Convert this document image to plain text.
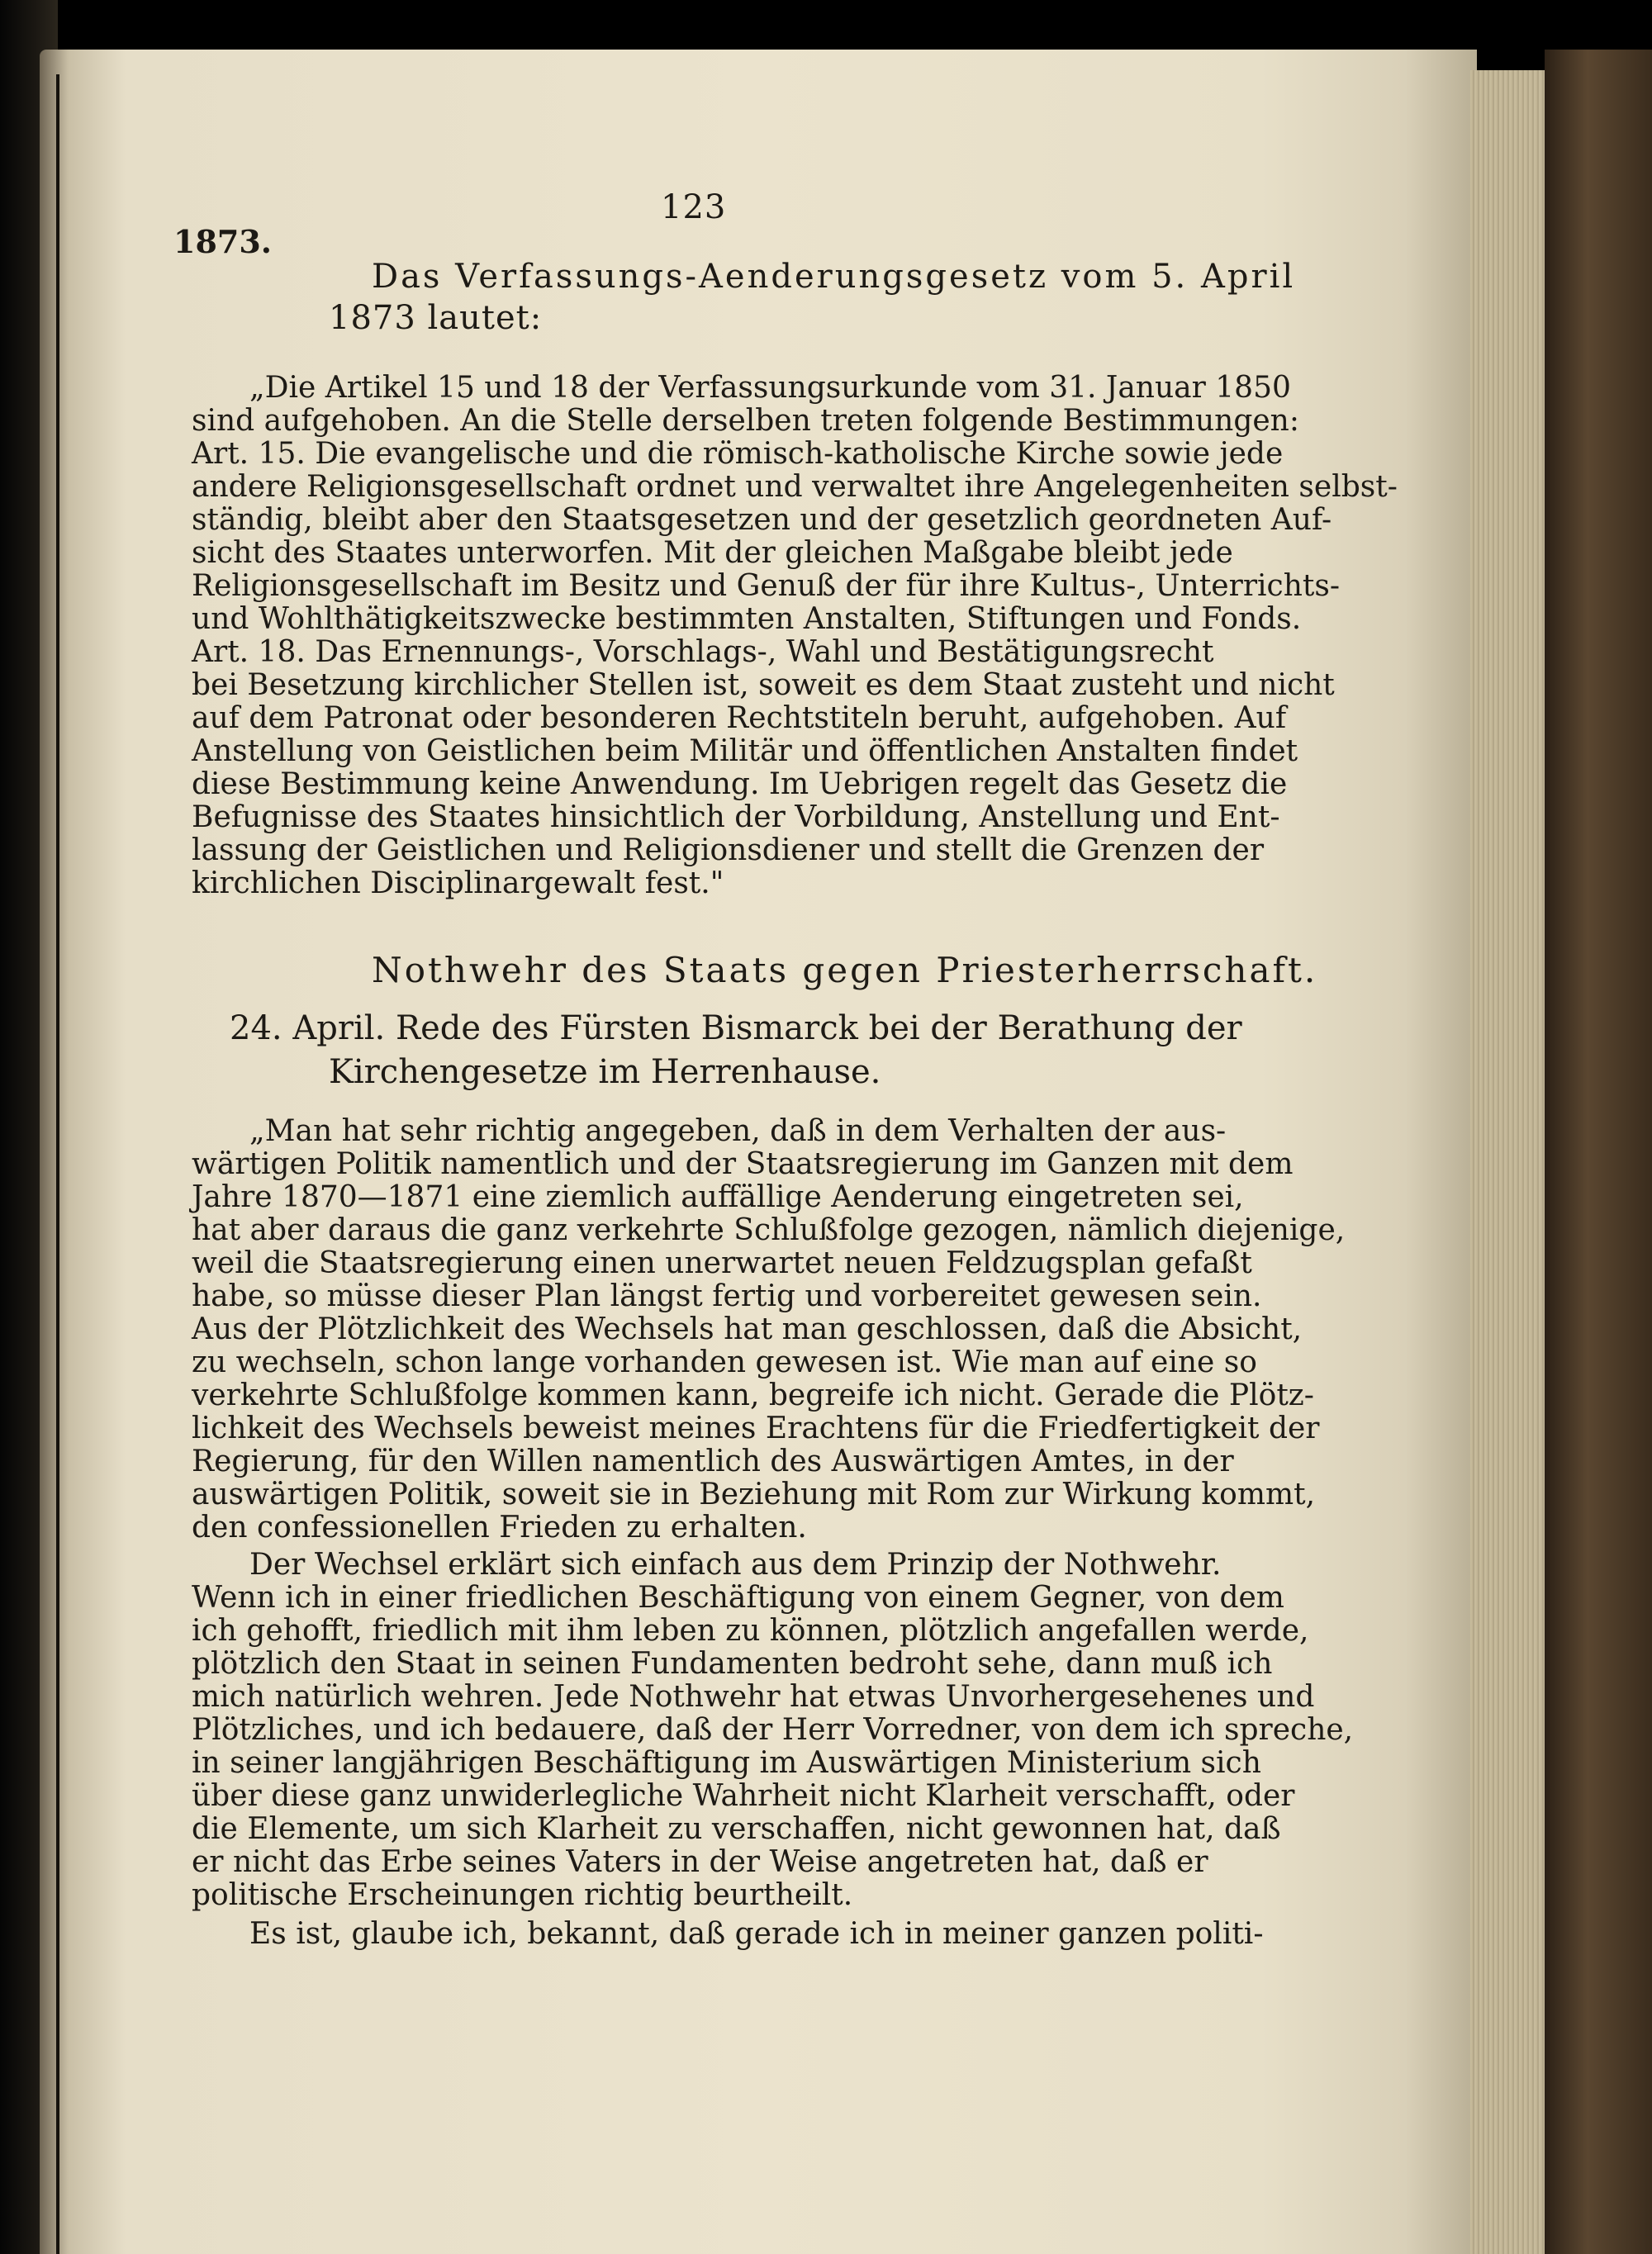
123
1873.
Das Verfassungs-Aenderungsgesetz vom 5. April
1873 lautet:
„Die Artikel 15 und 18 der Verfassungsurkunde vom 31. Januar 1850
sind aufgehoben. An die Stelle derselben treten folgende Bestimmungen:
Art. 15. Die evangelische und die römisch-katholische Kirche sowie jede
andere Religionsgesellschaft ordnet und verwaltet ihre Angelegenheiten selbst-
ständig, bleibt aber den Staatsgesetzen und der gesetzlich geordneten Auf-
sicht des Staates unterworfen. Mit der gleichen Maßgabe bleibt jede
Religionsgesellschaft im Besitz und Genuß der für ihre Kultus-, Unterrichts-
und Wohlthätigkeitszwecke bestimmten Anstalten, Stiftungen und Fonds.
Art. 18. Das Ernennungs-, Vorschlags-, Wahl und Bestätigungsrecht
bei Besetzung kirchlicher Stellen ist, soweit es dem Staat zusteht und nicht
auf dem Patronat oder besonderen Rechtstiteln beruht, aufgehoben. Auf
Anstellung von Geistlichen beim Militär und öffentlichen Anstalten findet
diese Bestimmung keine Anwendung. Im Uebrigen regelt das Gesetz die
Befugnisse des Staates hinsichtlich der Vorbildung, Anstellung und Ent-
lassung der Geistlichen und Religionsdiener und stellt die Grenzen der
kirchlichen Disciplinargewalt fest."
Nothwehr des Staats gegen Priesterherrschaft.
24. April. Rede des Fürsten Bismarck bei der Berathung der
Kirchengesetze im Herrenhause.
„Man hat sehr richtig angegeben, daß in dem Verhalten der aus-
wärtigen Politik namentlich und der Staatsregierung im Ganzen mit dem
Jahre 1870—1871 eine ziemlich auffällige Aenderung eingetreten sei,
hat aber daraus die ganz verkehrte Schlußfolge gezogen, nämlich diejenige,
weil die Staatsregierung einen unerwartet neuen Feldzugsplan gefaßt
habe, so müsse dieser Plan längst fertig und vorbereitet gewesen sein.
Aus der Plötzlichkeit des Wechsels hat man geschlossen, daß die Absicht,
zu wechseln, schon lange vorhanden gewesen ist. Wie man auf eine so
verkehrte Schlußfolge kommen kann, begreife ich nicht. Gerade die Plötz-
lichkeit des Wechsels beweist meines Erachtens für die Friedfertigkeit der
Regierung, für den Willen namentlich des Auswärtigen Amtes, in der
auswärtigen Politik, soweit sie in Beziehung mit Rom zur Wirkung kommt,
den confessionellen Frieden zu erhalten.
Der Wechsel erklärt sich einfach aus dem Prinzip der Nothwehr.
Wenn ich in einer friedlichen Beschäftigung von einem Gegner, von dem
ich gehofft, friedlich mit ihm leben zu können, plötzlich angefallen werde,
plötzlich den Staat in seinen Fundamenten bedroht sehe, dann muß ich
mich natürlich wehren. Jede Nothwehr hat etwas Unvorhergesehenes und
Plötzliches, und ich bedauere, daß der Herr Vorredner, von dem ich spreche,
in seiner langjährigen Beschäftigung im Auswärtigen Ministerium sich
über diese ganz unwiderlegliche Wahrheit nicht Klarheit verschafft, oder
die Elemente, um sich Klarheit zu verschaffen, nicht gewonnen hat, daß
er nicht das Erbe seines Vaters in der Weise angetreten hat, daß er
politische Erscheinungen richtig beurtheilt.
Es ist, glaube ich, bekannt, daß gerade ich in meiner ganzen politi-
